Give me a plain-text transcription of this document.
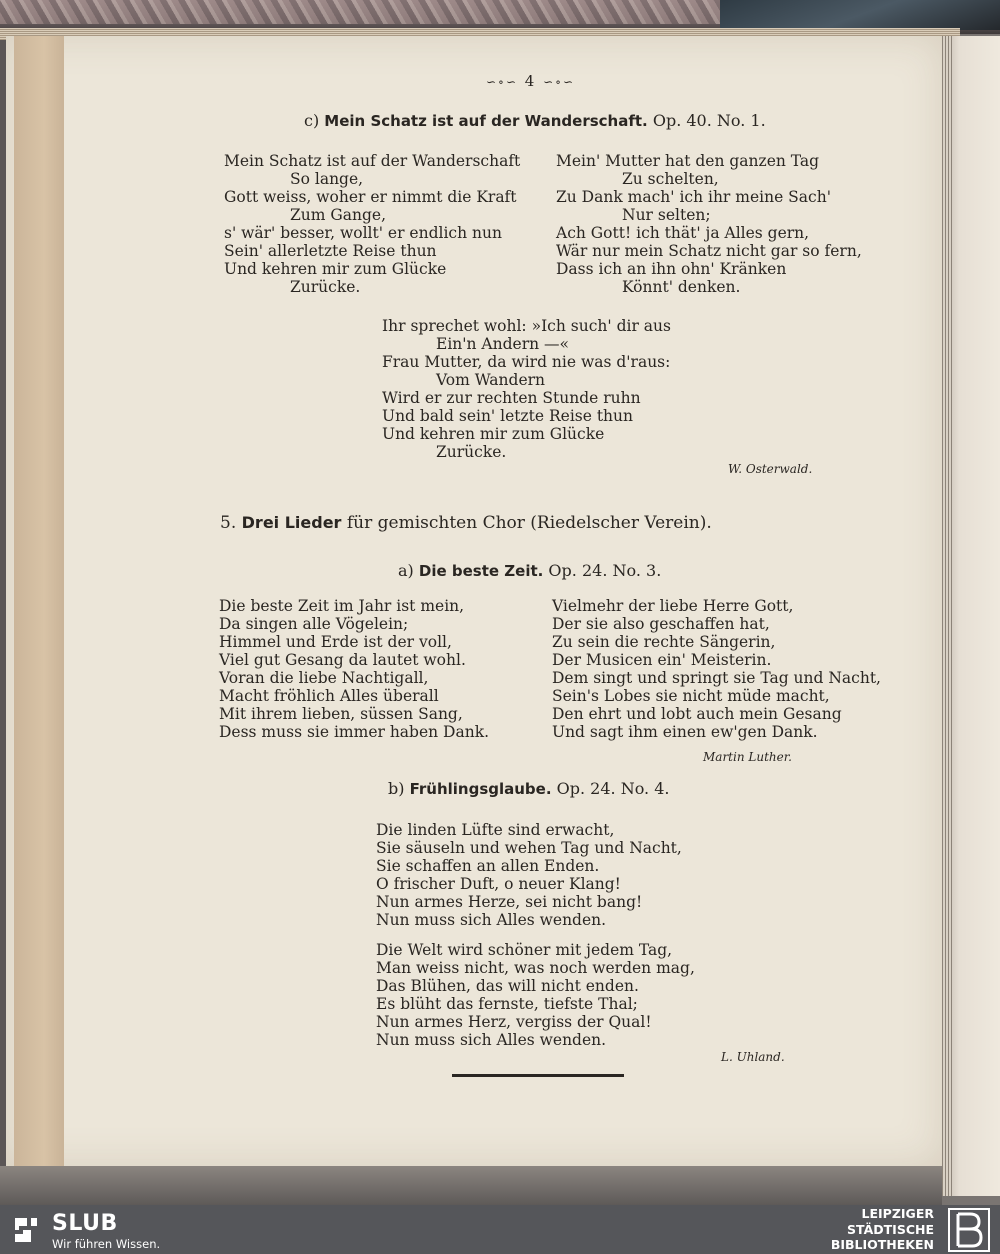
∽∘∽ 4 ∽∘∽
c) Mein Schatz ist auf der Wanderschaft. Op. 40. No. 1.
Mein Schatz ist auf der Wanderschaft
So lange,
Gott weiss, woher er nimmt die Kraft
Zum Gange,
s' wär' besser, wollt' er endlich nun
Sein' allerletzte Reise thun
Und kehren mir zum Glücke
Zurücke.
Mein' Mutter hat den ganzen Tag
Zu schelten,
Zu Dank mach' ich ihr meine Sach'
Nur selten;
Ach Gott! ich thät' ja Alles gern,
Wär nur mein Schatz nicht gar so fern,
Dass ich an ihn ohn' Kränken
Könnt' denken.
Ihr sprechet wohl: »Ich such' dir aus
Ein'n Andern —«
Frau Mutter, da wird nie was d'raus:
Vom Wandern
Wird er zur rechten Stunde ruhn
Und bald sein' letzte Reise thun
Und kehren mir zum Glücke
Zurücke.
W. Osterwald.
5. Drei Lieder für gemischten Chor (Riedelscher Verein).
a) Die beste Zeit. Op. 24. No. 3.
Die beste Zeit im Jahr ist mein,
Da singen alle Vögelein;
Himmel und Erde ist der voll,
Viel gut Gesang da lautet wohl.
Voran die liebe Nachtigall,
Macht fröhlich Alles überall
Mit ihrem lieben, süssen Sang,
Dess muss sie immer haben Dank.
Vielmehr der liebe Herre Gott,
Der sie also geschaffen hat,
Zu sein die rechte Sängerin,
Der Musicen ein' Meisterin.
Dem singt und springt sie Tag und Nacht,
Sein's Lobes sie nicht müde macht,
Den ehrt und lobt auch mein Gesang
Und sagt ihm einen ew'gen Dank.
Martin Luther.
b) Frühlingsglaube. Op. 24. No. 4.
Die linden Lüfte sind erwacht,
Sie säuseln und wehen Tag und Nacht,
Sie schaffen an allen Enden.
O frischer Duft, o neuer Klang!
Nun armes Herze, sei nicht bang!
Nun muss sich Alles wenden.
Die Welt wird schöner mit jedem Tag,
Man weiss nicht, was noch werden mag,
Das Blühen, das will nicht enden.
Es blüht das fernste, tiefste Thal;
Nun armes Herz, vergiss der Qual!
Nun muss sich Alles wenden.
L. Uhland.
SLUB
Wir führen Wissen.
LEIPZIGER
STÄDTISCHE
BIBLIOTHEKEN
